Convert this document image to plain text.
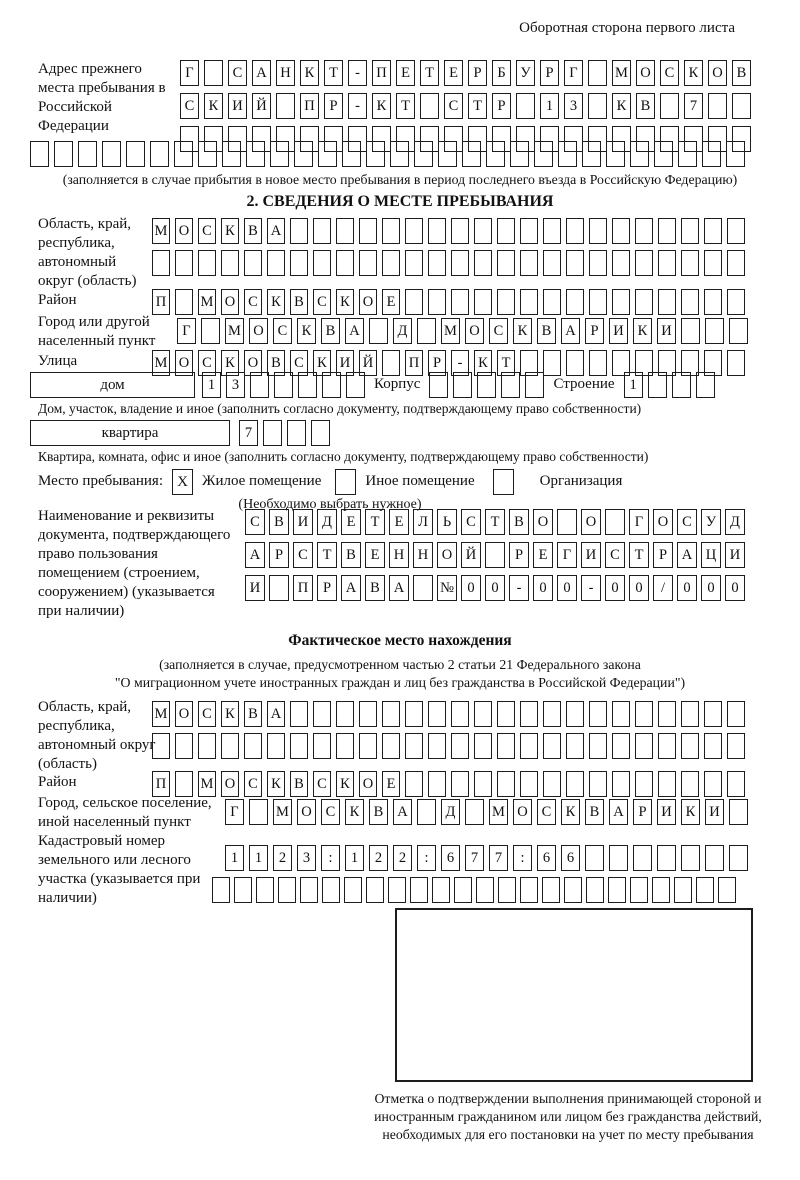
Оборотная сторона первого листа
Адрес прежнего места пребывания в Российской Федерации
Г	С А Н К	Т	-	П Е	Т	Е	Р	Б	У	Р	Г	М О С К О В
С К И Й	П	Р	-	К	Т	С	Т	Р	1	3	К В	7
(заполняется в случае прибытия в новое место пребывания в период последнего въезда в Российскую Федерацию)
2. СВЕДЕНИЯ О МЕСТЕ ПРЕБЫВАНИЯ
Область, край, республика, автономный округ (область)
М О С К В А
Район	П М О С К В С К О Е
Город или другой населенный пункт
Г	М О С К В А	Д	М О С К В А	Р	И К И
Улица	М О С К О В С К И Й П Р	-	К Т
дом	1	3	Корпус	Строение	1
Дом, участок, владение и иное (заполнить согласно документу, подтверждающему право собственности)
квартира	7
Квартира, комната, офис и иное (заполнить согласно документу, подтверждающему право собственности)
Место пребывания: X Жилое помещение	Иное помещение	Организация
(Необходимо выбрать нужное)
Наименование и реквизиты документа, подтверждающего право пользования помещением (строением, сооружением) (указывается при наличии)
С В И Д	Е	Т	Е	Л	Ь	С	Т	В О	О	Г	О С У Д
А	Р	С	Т	В	Е Н Н О Й	Р	Е	Г	И С	Т	Р	А Ц И
И	П	Р	А В А	№ 0	0	-	0	0	-	0	0	/	0	0	0
Фактическое место нахождения
(заполняется в случае, предусмотренном частью 2 статьи 21 Федерального закона
"О миграционном учете иностранных граждан и лиц без гражданства в Российской Федерации")
Область, край, республика, автономный округ (область)
М О С К В А
Район	П М О С К В С К О Е
Город, сельское поселение, иной населенный пункт
Г	М О С К В А	Д	М О С К В А	Р	И К И
Кадастровый номер земельного или лесного участка (указывается при наличии)
1	1	2	3	:	1	2	2	:	6	7	7	:	6	6
Отметка о подтверждении выполнения принимающей стороной и иностранным гражданином или лицом без гражданства действий, необходимых для его постановки на учет по месту пребывания
